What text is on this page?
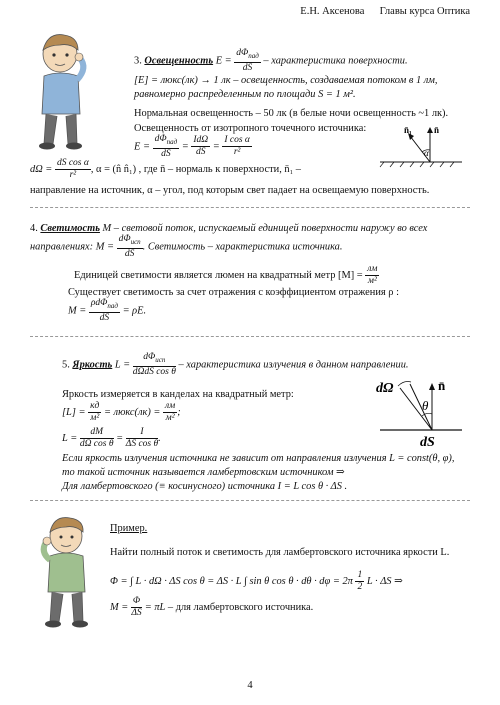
Е.Н. Аксенова Главы курса Оптика
3. Освещенность $E = \frac{d\Phi_{пад}}{dS}$ – характеристика поверхности.
[E] = люкс(лк) → 1 лк – освещенность, создаваемая потоком в 1 лм,
равномерно распределенным по площади S = 1 м².
Нормальная освещенность – 50 лк (в белые ночи освещенность ~1 лк).
Освещенность от изотропного точечного источника:
$E = \frac{d\Phi_{пад}}{dS} = \frac{\text{IdΩ}}{dS} = \frac{\text{I cos α}}{\text{r²}}$
$d\Omega = \frac{\text{dS cos α}}{\text{r²}}$ , α = (n̂ n̂₁) , где n̄ – нормаль к поверхности, n̄₁ –
направление на источник, α – угол, под которым свет падает на освещаемую поверхность.
n̄₁ n̄
α
4. Светимость M – световой поток, испускаемый единицей поверхности наружу во всех
направлениях: $M = \frac{d\Phi_{исп}}{dS}$ . Светимость – характеристика источника.
Единицей светимости является люмен на квадратный метр $[M] = \frac{лм}{\text{м²}}$
Существует светимость за счет отражения с коэффициентом отражения ρ :
$M = \frac{\rho d\Phi_{пад}}{dS} = \rho E$.
5. Яркость $L = \frac{d\Phi_{исп}}{\text{dΩdS cos θ}}$ – характеристика излучения в данном направлении.
Яркость измеряется в канделах на квадратный метр:
$[L] = \frac{кд}{\text{м²}}$ = люкс(лк) = $\frac{лм}{\text{м²}}$ ;
$L = \frac{dM}{\text{dΩ cos θ}} = \frac{I}{\text{ΔS cos θ}}$ .
dΩ	n̄
θ
dS
Если яркость излучения источника не зависит от направления излучения L = const(θ, φ),
то такой источник называется ламбертовским источником ⇒
Для ламбертовского (≡ косинусного) источника I = L cos θ · ΔS .
Пример.
Найти полный поток и светимость для ламбертовского источника яркости L.
Φ = ∫ L · dΩ · ΔS cos θ = ΔS · L ∫ sin θ $\cos \theta \cdot d\theta \cdot d\varphi = 2\pi \frac{1}{2}$ L · ΔS ⇒
$M = \frac{\Phi}{\Delta S} = \pi L$ – для ламбертовского источника.
4
